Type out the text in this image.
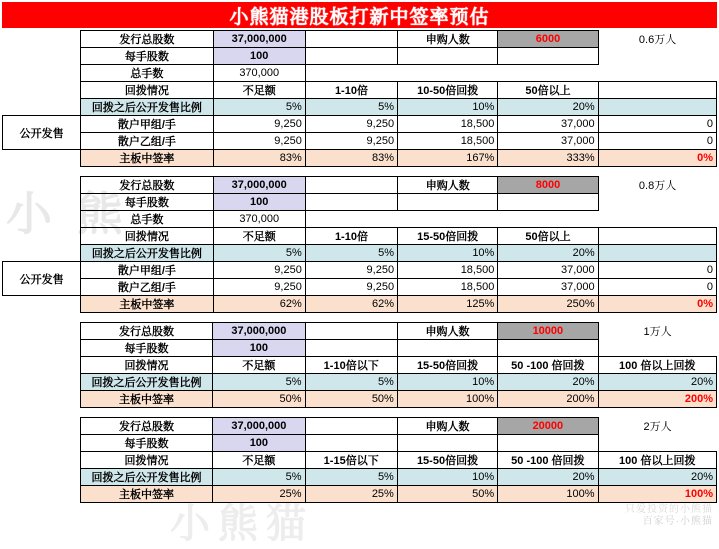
小 熊
小熊猫	只爱投资的小熊猫
百家号·小熊猫
小熊猫港股板打新中签率预估
	发行总股数	37,000,000		申购人数	6000	0.6万人
	每手股数	100				
	总手数	370,000				
	回拨情况	不足额	1-10倍	10-50倍回拨	50倍以上	
	回拨之后公开发售比例	5%	5%	10%	20%	
公开发售	散户甲组/手	9,250	9,250	18,500	37,000	0
	散户乙组/手	9,250	9,250	18,500	37,000	0
	主板中签率	83%	83%	167%	333%	0%

	发行总股数	37,000,000		申购人数	8000	0.8万人
	每手股数	100				
	总手数	370,000				
	回拨情况	不足额	1-10倍	15-50倍回拨	50倍以上	
	回拨之后公开发售比例	5%	5%	10%	20%	
公开发售	散户甲组/手	9,250	9,250	18,500	37,000	0
	散户乙组/手	9,250	9,250	18,500	37,000	0
	主板中签率	62%	62%	125%	250%	0%

	发行总股数	37,000,000		申购人数	10000	1万人
	每手股数	100				
	回拨情况	不足额	1-10倍以下	15-50倍回拨	50 -100 倍回拨	100 倍以上回拨
	回拨之后公开发售比例	5%	5%	10%	20%	20%
	主板中签率	50%	50%	100%	200%	200%

	发行总股数	37,000,000		申购人数	20000	2万人
	每手股数	100				
	回拨情况	不足额	1-15倍以下	15-50倍回拨	50 -100 倍回拨	100 倍以上回拨
	回拨之后公开发售比例	5%	5%	10%	20%	20%
	主板中签率	25%	25%	50%	100%	100%
